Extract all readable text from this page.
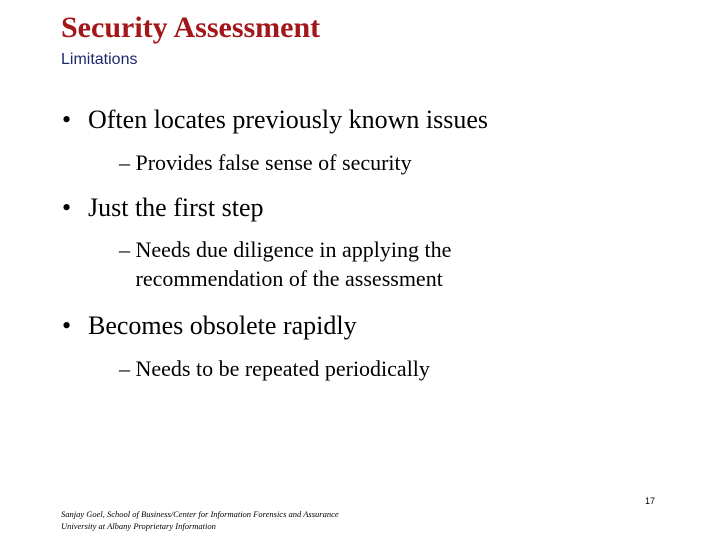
Security Assessment
Limitations
• Often locates previously known issues
– Provides false sense of security
• Just the first step
– Needs due diligence in applying the
recommendation of the assessment
• Becomes obsolete rapidly
– Needs to be repeated periodically
Sanjay Goel, School of Business/Center for Information Forensics and Assurance
University at Albany Proprietary Information
17
